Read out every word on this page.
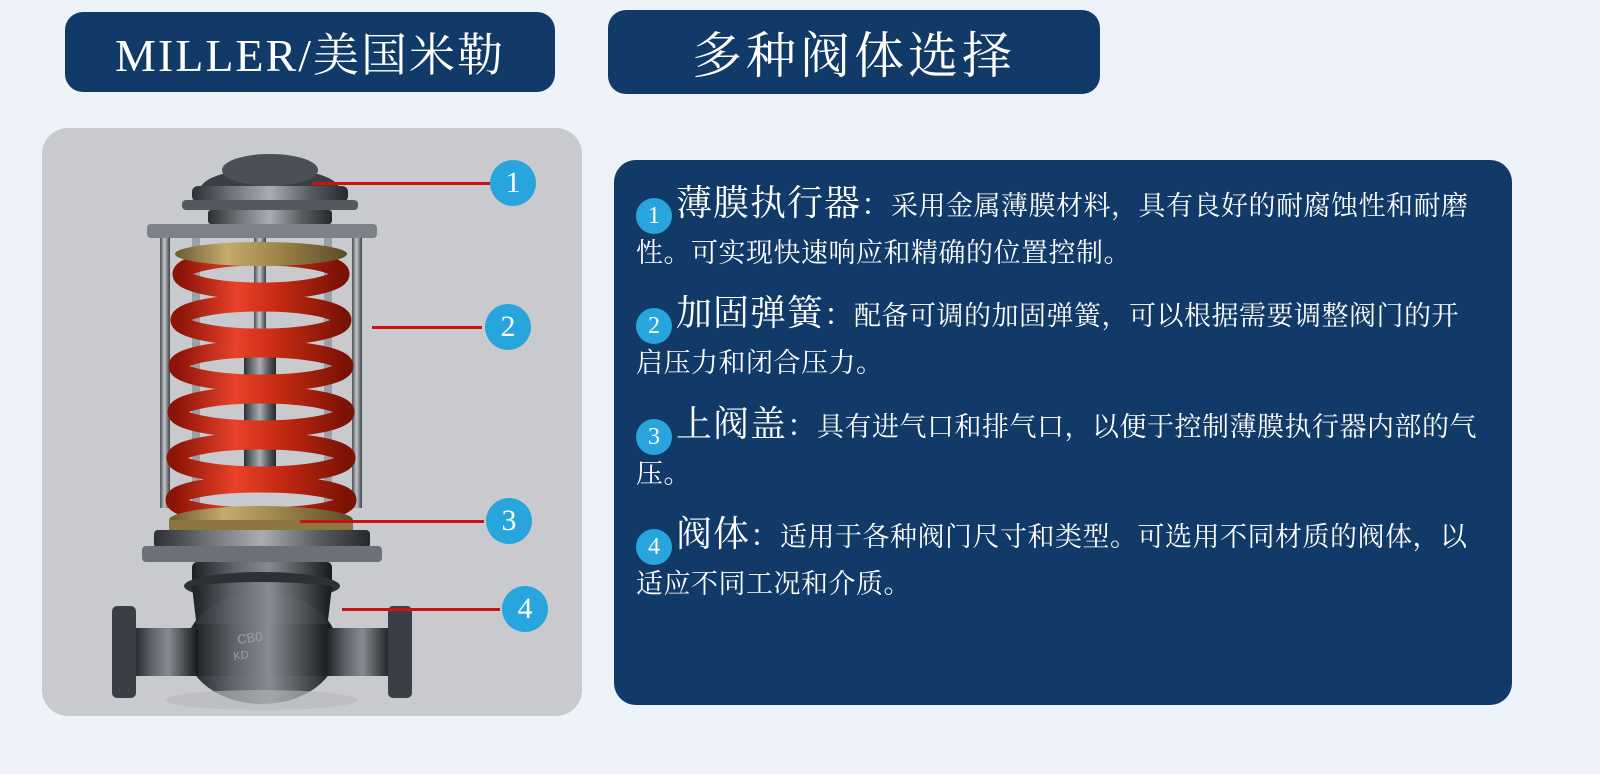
MILLER/美国米勒	多种阀体选择
CB0
KD
1
2
3
4
1 薄膜执行器：采用金属薄膜材料，具有良好的耐腐蚀性和耐磨性。可实现快速响应和精确的位置控制。
2 加固弹簧：配备可调的加固弹簧，可以根据需要调整阀门的开启压力和闭合压力。
3 上阀盖：具有进气口和排气口，以便于控制薄膜执行器内部的气压。
4 阀体：适用于各种阀门尺寸和类型。可选用不同材质的阀体，以适应不同工况和介质。
